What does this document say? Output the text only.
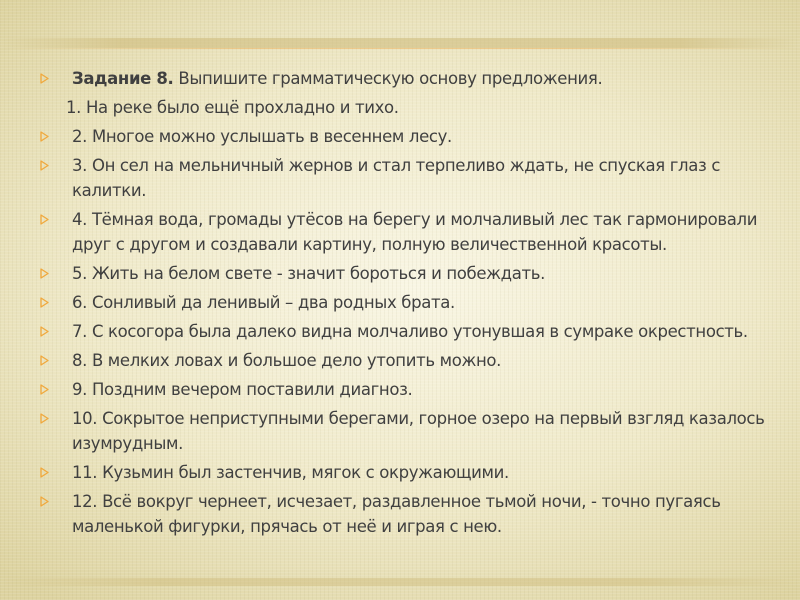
Задание 8. Выпишите грамматическую основу предложения.
1. На реке было ещё прохладно и тихо.
2. Многое можно услышать в весеннем лесу.
3. Он сел на мельничный жернов и стал терпеливо ждать, не спуская глаз с калитки.
4. Тёмная вода, громады утёсов на берегу и молчаливый лес так гармонировали друг с другом и создавали картину, полную величественной красоты.
5. Жить на белом свете - значит бороться и побеждать.
6. Сонливый да ленивый – два родных брата.
7. С косогора была далеко видна молчаливо утонувшая в сумраке окрестность.
8. В мелких ловах и большое дело утопить можно.
9. Поздним вечером поставили диагноз.
10. Сокрытое неприступными берегами, горное озеро на первый взгляд казалось изумрудным.
11. Кузьмин был застенчив, мягок с окружающими.
12. Всё вокруг чернеет, исчезает, раздавленное тьмой ночи, - точно пугаясь маленькой фигурки, прячась от неё и играя с нею.
